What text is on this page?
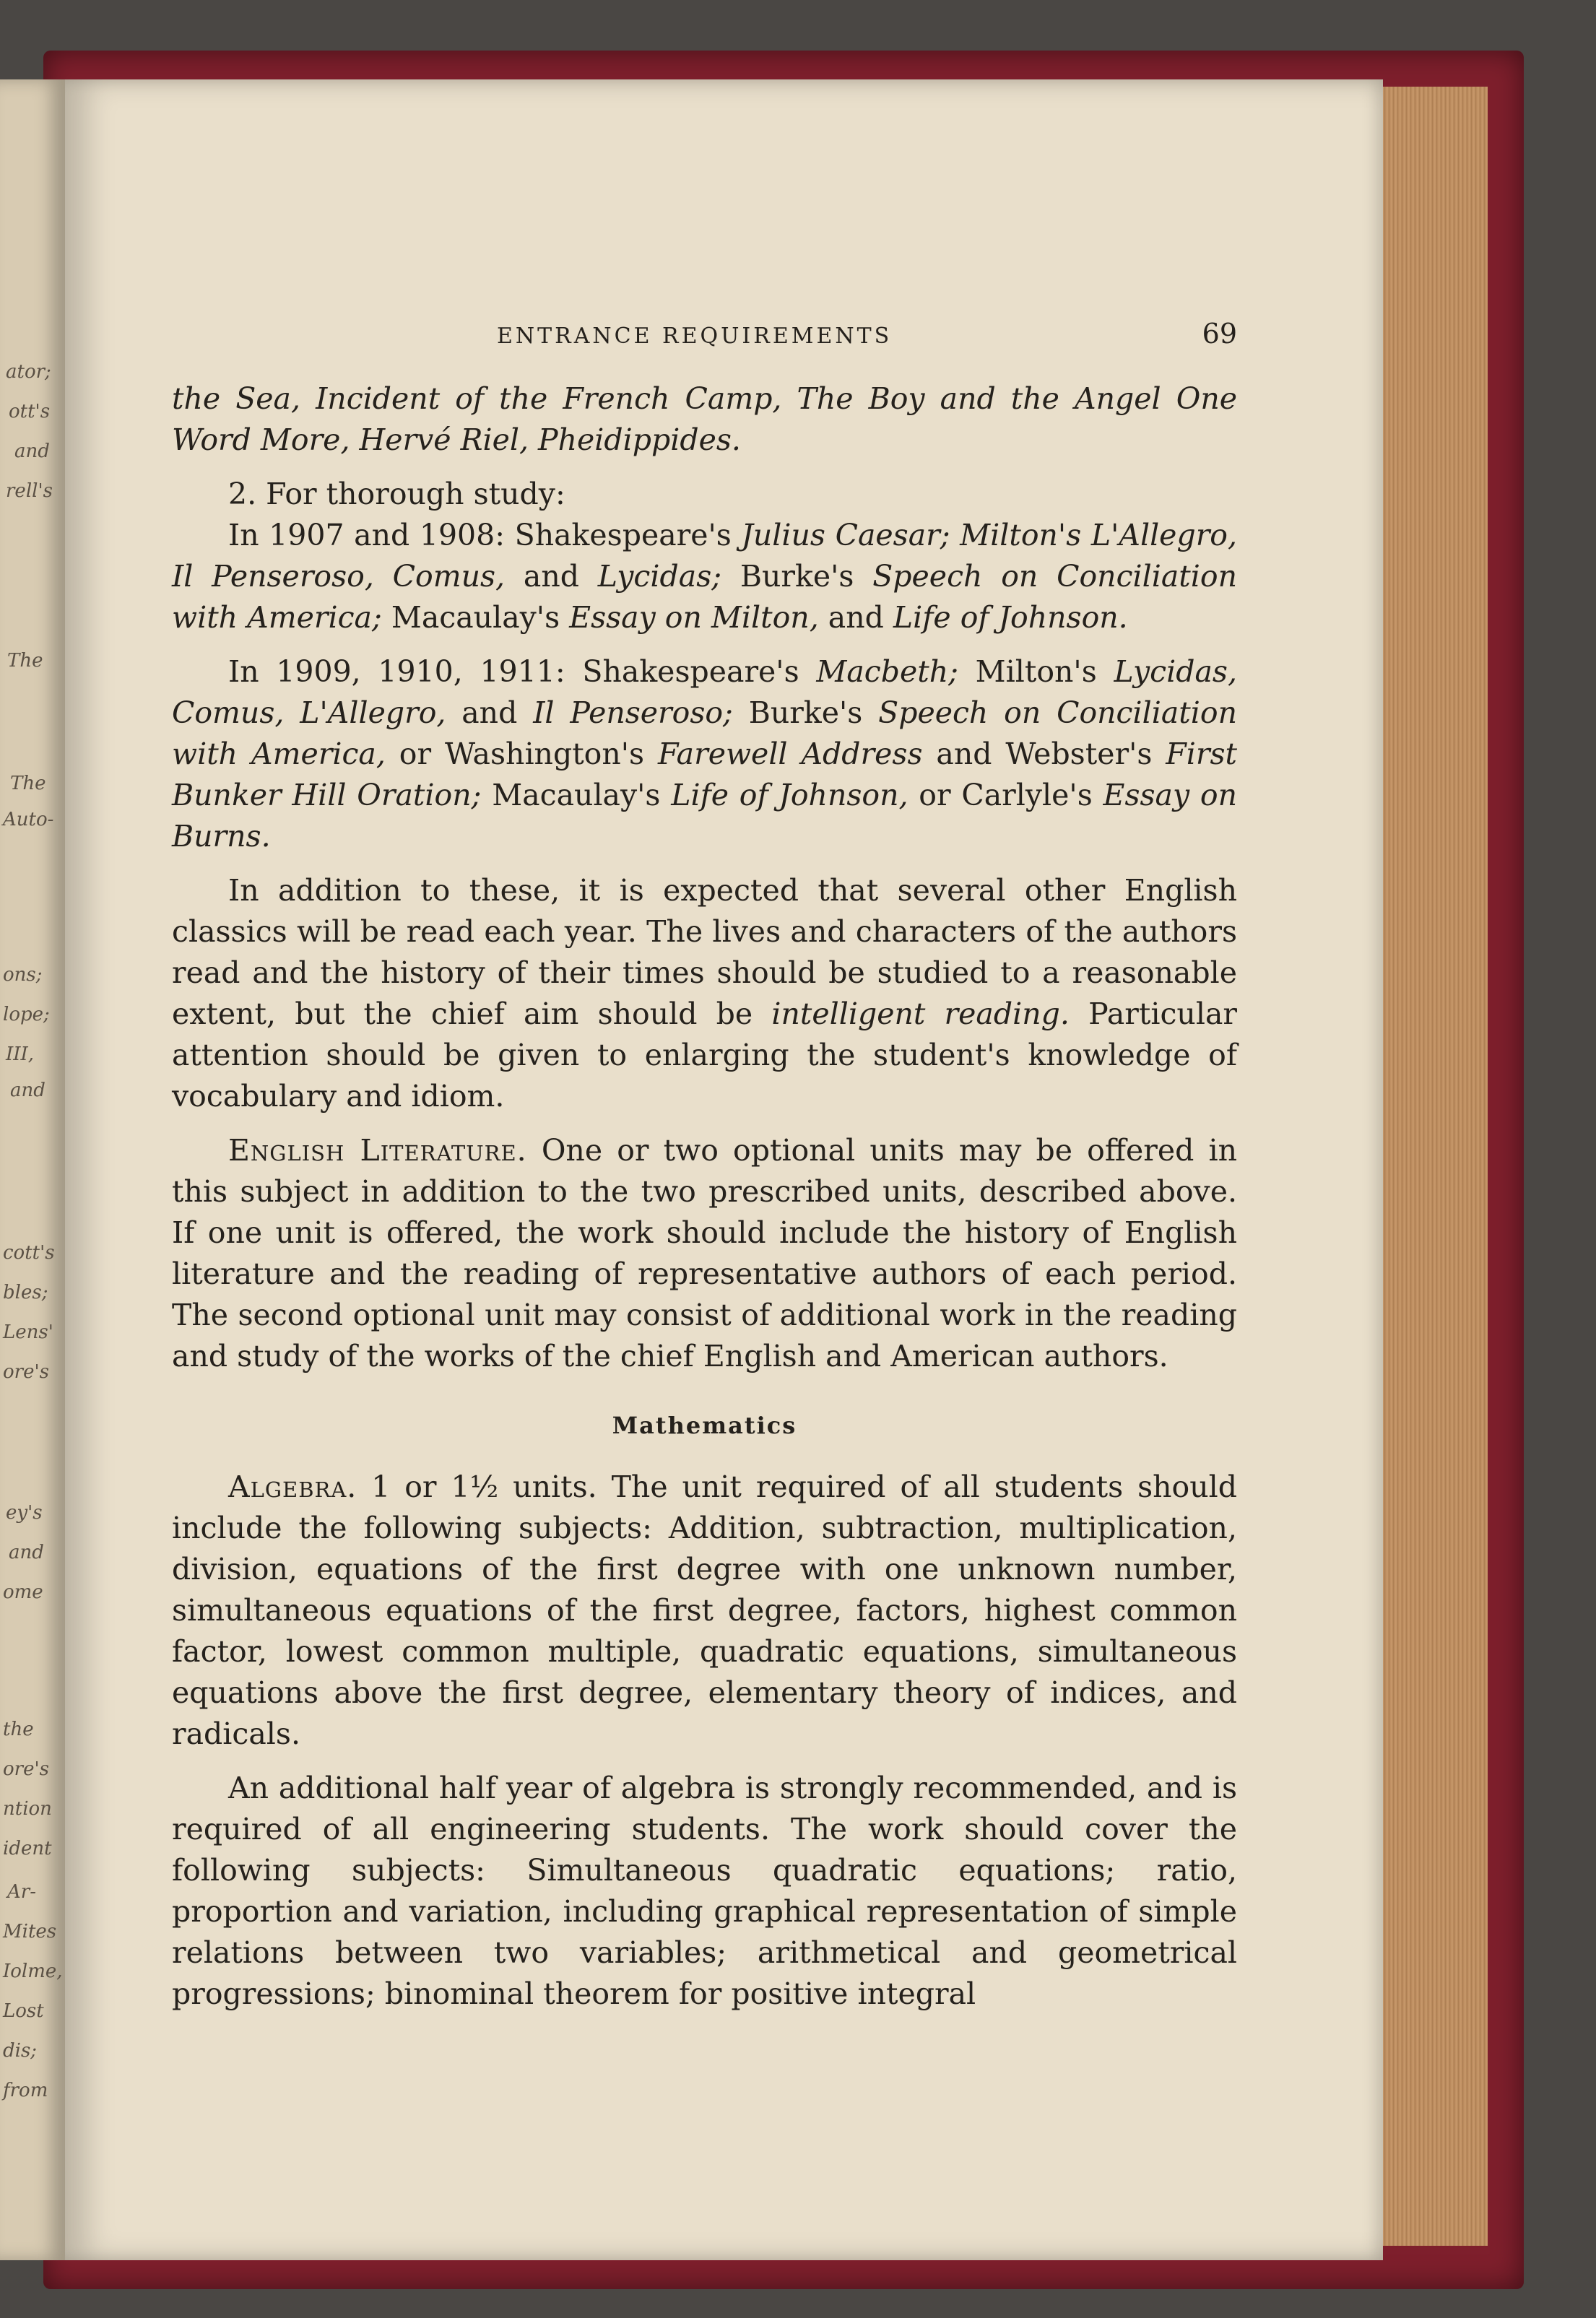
ator;
ott's
and
rell's
The
The
Auto-
ons;
lope;
III,
and
cott's
bles;
Lens'
ore's
ey's
and
ome
the
ore's
ntion
ident
Ar-
Mites
Iolme,
Lost
dis;
from
ENTRANCE REQUIREMENTS	69

the Sea, Incident of the French Camp, The Boy and the Angel One Word More, Hervé Riel, Pheidippides.

2. For thorough study:

In 1907 and 1908: Shakespeare's Julius Caesar; Milton's L'Allegro, Il Penseroso, Comus, and Lycidas; Burke's Speech on Conciliation with America; Macaulay's Essay on Milton, and Life of Johnson.

In 1909, 1910, 1911: Shakespeare's Macbeth; Milton's Lycidas, Comus, L'Allegro, and Il Penseroso; Burke's Speech on Conciliation with America, or Washington's Farewell Address and Webster's First Bunker Hill Oration; Macaulay's Life of Johnson, or Carlyle's Essay on Burns.

In addition to these, it is expected that several other English classics will be read each year. The lives and characters of the authors read and the history of their times should be studied to a reasonable extent, but the chief aim should be intelligent reading. Particular attention should be given to enlarging the student's knowledge of vocabulary and idiom.

English Literature. One or two optional units may be offered in this subject in addition to the two prescribed units, described above. If one unit is offered, the work should include the history of English literature and the reading of representative authors of each period. The second optional unit may consist of additional work in the reading and study of the works of the chief English and American authors.

Mathematics

Algebra. 1 or 1½ units. The unit required of all students should include the following subjects: Addition, subtraction, multiplication, division, equations of the first degree with one unknown number, simultaneous equations of the first degree, factors, highest common factor, lowest common multiple, quadratic equations, simultaneous equations above the first degree, elementary theory of indices, and radicals.

An additional half year of algebra is strongly recommended, and is required of all engineering students. The work should cover the following subjects: Simultaneous quadratic equations; ratio, proportion and variation, including graphical representation of simple relations between two variables; arithmetical and geometrical progressions; binominal theorem for positive integral
